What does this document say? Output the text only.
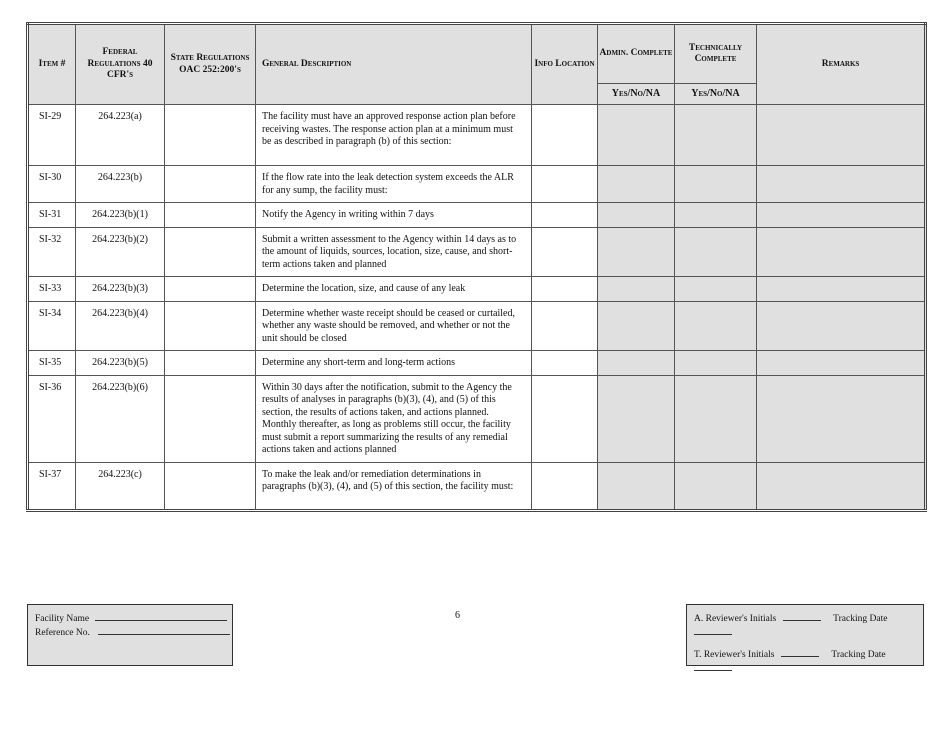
Item #	Federal Regulations 40 CFR's	State Regulations OAC 252:200's	General Description	Info Location	Admin. Complete	Technically Complete	Remarks
					Yes/No/NA	Yes/No/NA	
SI-29	264.223(a)		The facility must have an approved response action plan before receiving wastes. The response action plan at a minimum must be as described in paragraph (b) of this section:				
SI-30	264.223(b)		If the flow rate into the leak detection system exceeds the ALR for any sump, the facility must:				
SI-31	264.223(b)(1)		Notify the Agency in writing within 7 days				
SI-32	264.223(b)(2)		Submit a written assessment to the Agency within 14 days as to the amount of liquids, sources, location, size, cause, and short-term actions taken and planned				
SI-33	264.223(b)(3)		Determine the location, size, and cause of any leak				
SI-34	264.223(b)(4)		Determine whether waste receipt should be ceased or curtailed, whether any waste should be removed, and whether or not the unit should be closed				
SI-35	264.223(b)(5)		Determine any short-term and long-term actions				
SI-36	264.223(b)(6)		Within 30 days after the notification, submit to the Agency the results of analyses in paragraphs (b)(3), (4), and (5) of this section, the results of actions taken, and actions planned. Monthly thereafter, as long as problems still occur, the facility must submit a report summarizing the results of any remedial actions taken and actions planned				
SI-37	264.223(c)		To make the leak and/or remediation determinations in paragraphs (b)(3), (4), and (5) of this section, the facility must:				
Facility Name
Reference No.
6	A. Reviewer's Initials	Tracking Date
T. Reviewer's Initials	Tracking Date
